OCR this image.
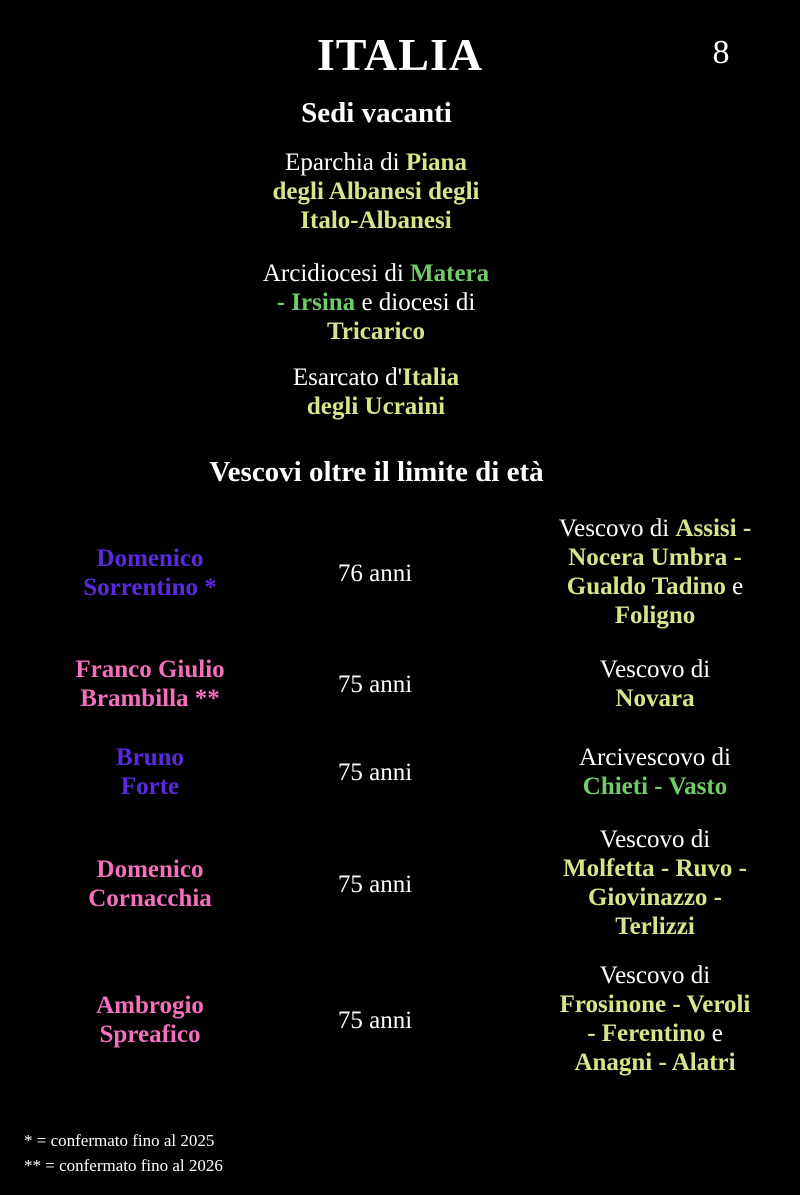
ITALIA	8
Sedi vacanti
Eparchia di Piana
degli Albanesi degli
Italo-Albanesi
Arcidiocesi di Matera
- Irsina e diocesi di
Tricarico
Esarcato d'Italia
degli Ucraini
Vescovi oltre il limite di età
Domenico
Sorrentino *
76 anni
Vescovo di Assisi -
Nocera Umbra -
Gualdo Tadino e
Foligno
Franco Giulio
Brambilla **
75 anni
Vescovo di
Novara
Bruno
Forte
75 anni
Arcivescovo di
Chieti - Vasto
Domenico
Cornacchia
75 anni
Vescovo di
Molfetta - Ruvo -
Giovinazzo -
Terlizzi
Ambrogio
Spreafico
75 anni
Vescovo di
Frosinone - Veroli
- Ferentino e
Anagni - Alatri
* = confermato fino al 2025
** = confermato fino al 2026
